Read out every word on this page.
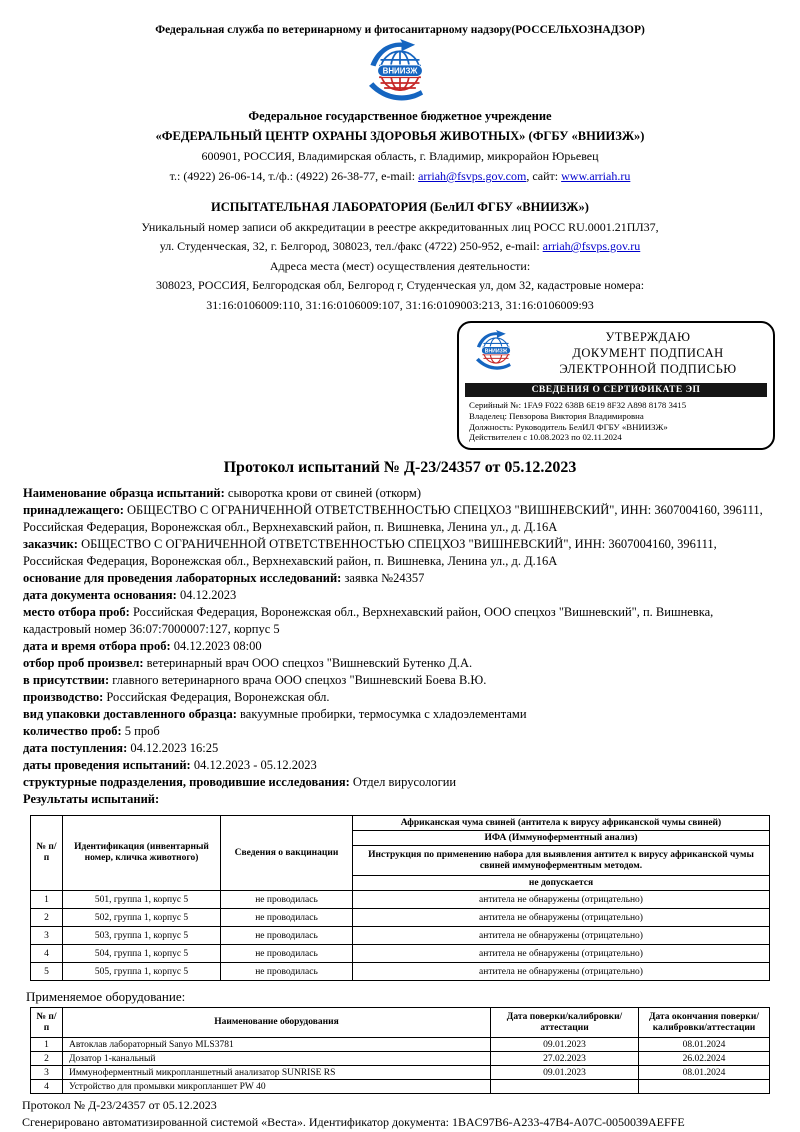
Федеральная служба по ветеринарному и фитосанитарному надзору(РОССЕЛЬХОЗНАДЗОР)
ВНИИЗЖ
Федеральное государственное бюджетное учреждение
«ФЕДЕРАЛЬНЫЙ ЦЕНТР ОХРАНЫ ЗДОРОВЬЯ ЖИВОТНЫХ» (ФГБУ «ВНИИЗЖ»)
600901, РОССИЯ, Владимирская область, г. Владимир, микрорайон Юрьевец
т.: (4922) 26-06-14, т./ф.: (4922) 26-38-77, e-mail: arriah@fsvps.gov.com, сайт: www.arriah.ru
ИСПЫТАТЕЛЬНАЯ ЛАБОРАТОРИЯ (БелИЛ ФГБУ «ВНИИЗЖ»)
Уникальный номер записи об аккредитации в реестре аккредитованных лиц РОСС RU.0001.21ПЛ37,
ул. Студенческая, 32, г. Белгород, 308023, тел./факс (4722) 250-952, e-mail: arriah@fsvps.gov.ru
Адреса места (мест) осуществления деятельности:
308023, РОССИЯ, Белгородская обл, Белгород г, Студенческая ул, дом 32, кадастровые номера:
31:16:0106009:110, 31:16:0106009:107, 31:16:0109003:213, 31:16:0106009:93
ВНИИЗЖ
УТВЕРЖДАЮ
ДОКУМЕНТ ПОДПИСАН
ЭЛЕКТРОННОЙ ПОДПИСЬЮ
СВЕДЕНИЯ О СЕРТИФИКАТЕ ЭП
Серийный №: 1FA9 F022 638B 6E19 8F32 A898 8178 3415
Владелец: Певзорова Виктория Владимировна
Должность: Руководитель БелИЛ ФГБУ «ВНИИЗЖ»
Действителен с 10.08.2023 по 02.11.2024
Протокол испытаний № Д-23/24357 от 05.12.2023
Наименование образца испытаний: сыворотка крови от свиней (откорм)
принадлежащего: ОБЩЕСТВО С ОГРАНИЧЕННОЙ ОТВЕТСТВЕННОСТЬЮ СПЕЦХОЗ "ВИШНЕВСКИЙ", ИНН: 3607004160, 396111, Российская Федерация, Воронежская обл., Верхнехавский район, п. Вишневка, Ленина ул., д. Д.16А
заказчик: ОБЩЕСТВО С ОГРАНИЧЕННОЙ ОТВЕТСТВЕННОСТЬЮ СПЕЦХОЗ "ВИШНЕВСКИЙ", ИНН: 3607004160, 396111, Российская Федерация, Воронежская обл., Верхнехавский район, п. Вишневка, Ленина ул., д. Д.16А
основание для проведения лабораторных исследований: заявка №24357
дата документа основания: 04.12.2023
место отбора проб: Российская Федерация, Воронежская обл., Верхнехавский район, ООО спецхоз "Вишневский", п. Вишневка, кадастровый номер 36:07:7000007:127, корпус 5
дата и время отбора проб: 04.12.2023 08:00
отбор проб произвел: ветеринарный врач ООО спецхоз "Вишневский Бутенко Д.А.
в присутствии: главного ветеринарного врача ООО спецхоз "Вишневский Боева В.Ю.
производство: Российская Федерация, Воронежская обл.
вид упаковки доставленного образца: вакуумные пробирки, термосумка с хладоэлементами
количество проб: 5 проб
дата поступления: 04.12.2023 16:25
даты проведения испытаний: 04.12.2023 - 05.12.2023
структурные подразделения, проводившие исследования: Отдел вирусологии
Результаты испытаний:
№ п/п	Идентификация (инвентарный номер, кличка животного)	Сведения о вакцинации	Африканская чума свиней (антитела к вирусу африканской чумы свиней)
			ИФА (Иммуноферментный анализ)
			Инструкция по применению набора для выявления антител к вирусу африканской чумы свиней иммуноферментным методом.
			не допускается
1	501, группа 1, корпус 5	не проводилась	антитела не обнаружены (отрицательно)
2	502, группа 1, корпус 5	не проводилась	антитела не обнаружены (отрицательно)
3	503, группа 1, корпус 5	не проводилась	антитела не обнаружены (отрицательно)
4	504, группа 1, корпус 5	не проводилась	антитела не обнаружены (отрицательно)
5	505, группа 1, корпус 5	не проводилась	антитела не обнаружены (отрицательно)
Применяемое оборудование:
№ п/п	Наименование оборудования	Дата поверки/калибровки/аттестации	Дата окончания поверки/калибровки/аттестации
1	Автоклав лабораторный Sanyo MLS3781	09.01.2023	08.01.2024
2	Дозатор 1-канальный	27.02.2023	26.02.2024
3	Иммуноферментный микропланшетный анализатор SUNRISE RS	09.01.2023	08.01.2024
4	Устройство для промывки микропланшет PW 40		
Протокол № Д-23/24357 от 05.12.2023
Сгенерировано автоматизированной системой «Веста». Идентификатор документа: 1BAC97B6-A233-47B4-A07C-0050039AEFFE
